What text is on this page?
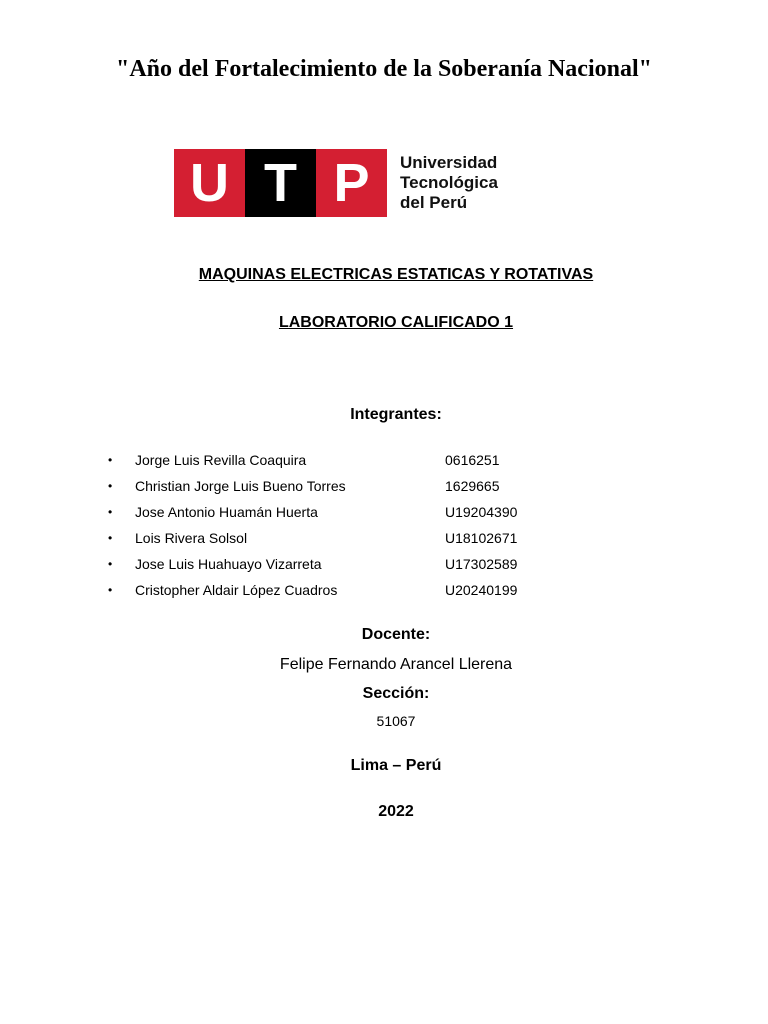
"Año del Fortalecimiento de la Soberanía Nacional"
U T P	Universidad
Tecnológica
del Perú
MAQUINAS ELECTRICAS ESTATICAS Y ROTATIVAS
LABORATORIO CALIFICADO 1
Integrantes:
• Jorge Luis Revilla Coaquira	0616251
• Christian Jorge Luis Bueno Torres	1629665
• Jose Antonio Huamán Huerta	U19204390
• Lois Rivera Solsol	U18102671
• Jose Luis Huahuayo Vizarreta	U17302589
• Cristopher Aldair López Cuadros	U20240199
Docente:
Felipe Fernando Arancel Llerena
Sección:
51067
Lima – Perú
2022
